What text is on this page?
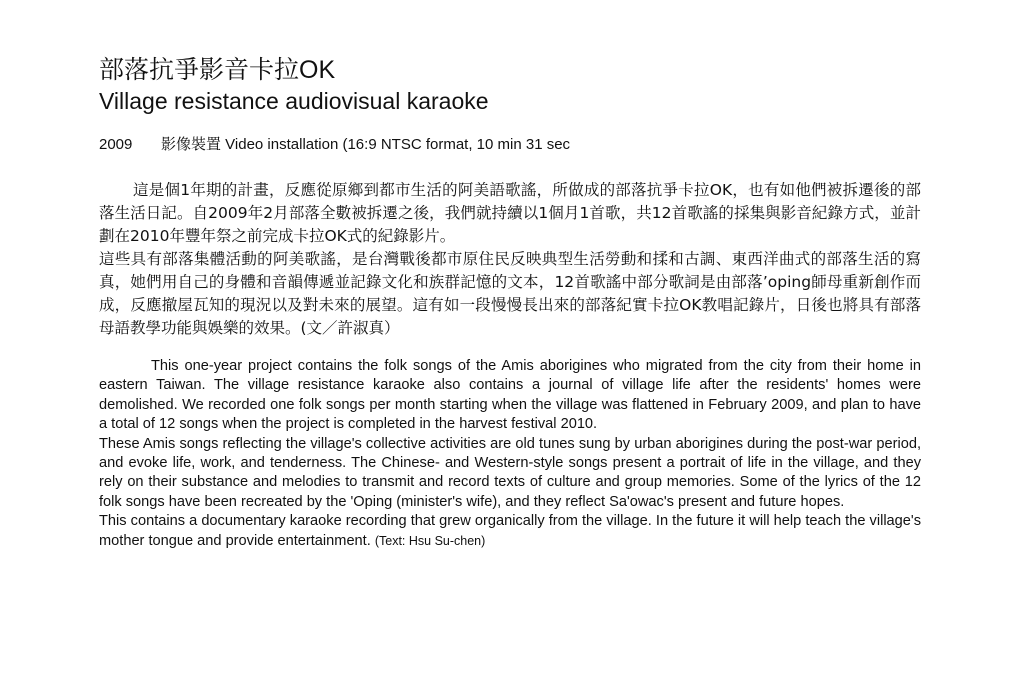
部落抗爭影音卡拉OK
Village resistance audiovisual karaoke
2009	影像裝置 Video installation (16:9 NTSC format, 10 min 31 sec

這是個1年期的計畫，反應從原鄉到都市生活的阿美語歌謠，所做成的部落抗爭卡拉OK，也有如他們被拆遷後的部落生活日記。自2009年2月部落全數被拆遷之後，我們就持續以1個月1首歌，共12首歌謠的採集與影音紀錄方式，並計劃在2010年豐年祭之前完成卡拉OK式的紀錄影片。

這些具有部落集體活動的阿美歌謠，是台灣戰後都市原住民反映典型生活勞動和揉和古調、東西洋曲式的部落生活的寫真，她們用自己的身體和音韻傳遞並記錄文化和族群記憶的文本，12首歌謠中部分歌詞是由部落’oping師母重新創作而成，反應撤屋瓦知的現況以及對未來的展望。這有如一段慢慢長出來的部落紀實卡拉OK教唱記錄片，日後也將具有部落母語教學功能與娛樂的效果。(文／許淑真）

This one-year project contains the folk songs of the Amis aborigines who migrated from the city from their home in eastern Taiwan. The village resistance karaoke also contains a journal of village life after the residents' homes were demolished. We recorded one folk songs per month starting when the village was flattened in February 2009, and plan to have a total of 12 songs when the project is completed in the harvest festival 2010.

These Amis songs reflecting the village's collective activities are old tunes sung by urban aborigines during the post-war period, and evoke life, work, and tenderness. The Chinese- and Western-style songs present a portrait of life in the village, and they rely on their substance and melodies to transmit and record texts of culture and group memories. Some of the lyrics of the 12 folk songs have been recreated by the 'Oping (minister's wife), and they reflect Sa'owac's present and future hopes.

This contains a documentary karaoke recording that grew organically from the village. In the future it will help teach the village's mother tongue and provide entertainment. (Text: Hsu Su-chen)
